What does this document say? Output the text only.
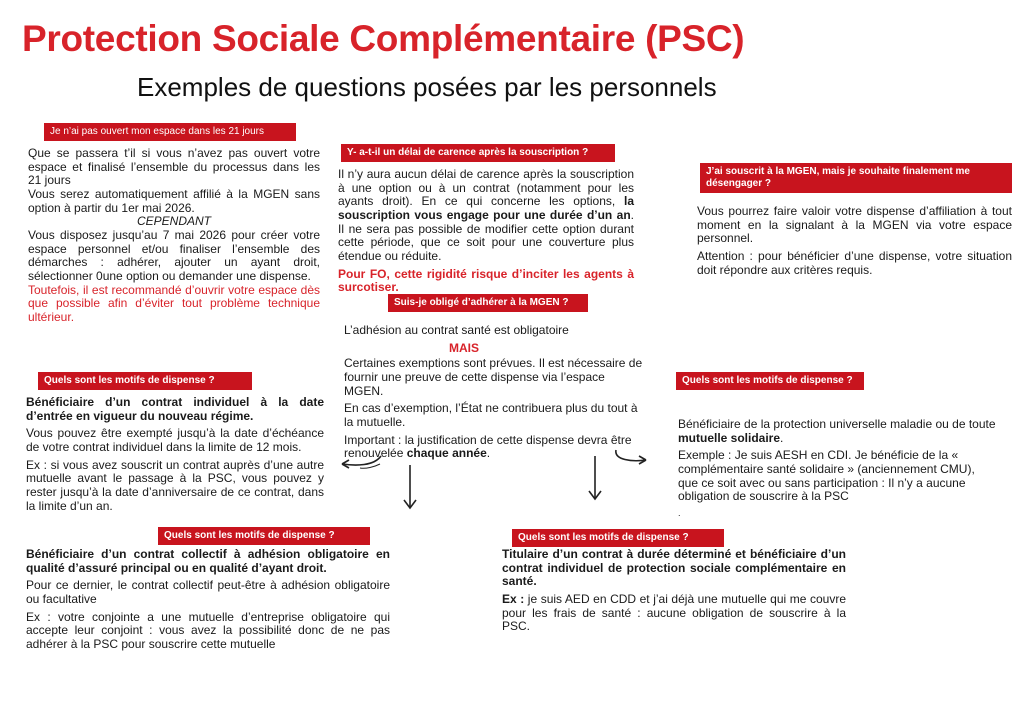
Protection Sociale Complémentaire (PSC)
Exemples de questions posées par les personnels
Je n’ai pas ouvert mon espace dans les 21 jours

Que se passera t’il si vous n’avez pas ouvert votre espace et finalisé l’ensemble du processus dans les 21 jours

Vous serez automatiquement affilié à la MGEN sans option à partir du 1er mai 2026.

CEPENDANT

Vous disposez jusqu’au 7 mai 2026 pour créer votre espace personnel et/ou finaliser l’ensemble des démarches : adhérer, ajouter un ayant droit, sélectionner 0une option ou demander une dispense.

Toutefois, il est recommandé d’ouvrir votre espace dès que possible afin d’éviter tout problème technique ultérieur.

Y- a-t-il un délai de carence après la souscription ?

Il n’y aura aucun délai de carence après la souscription à une option ou à un contrat (notamment pour les ayants droit). En ce qui concerne les options, la souscription vous engage pour une durée d’un an. Il ne sera pas possible de modifier cette option durant cette période, que ce soit pour une couverture plus étendue ou réduite.

Pour FO, cette rigidité risque d’inciter les agents à surcotiser.

J’ai souscrit à la MGEN, mais je souhaite finalement me désengager ?

Vous pourrez faire valoir votre dispense d’affiliation à tout moment en la signalant à la MGEN via votre espace personnel.

Attention : pour bénéficier d’une dispense, votre situation doit répondre aux critères requis.

Suis-je obligé d’adhérer à la MGEN ?

L’adhésion au contrat santé est obligatoire

MAIS

Certaines exemptions sont prévues. Il est nécessaire de fournir une preuve de cette dispense via l’espace MGEN.

En cas d’exemption, l’État ne contribuera plus du tout à la mutuelle.

Important : la justification de cette dispense devra être renouvelée chaque année.

Quels sont les motifs de dispense ?

Bénéficiaire d’un contrat individuel à la date d’entrée en vigueur du nouveau régime.

Vous pouvez être exempté jusqu’à la date d’échéance de votre contrat individuel dans la limite de 12 mois.

Ex : si vous avez souscrit un contrat auprès d’une autre mutuelle avant le passage à la PSC, vous pouvez y rester jusqu’à la date d’anniversaire de ce contrat, dans la limite d’un an.

Quels sont les motifs de dispense ?

Bénéficiaire de la protection universelle maladie ou de toute mutuelle solidaire.

Exemple : Je suis AESH en CDI. Je bénéficie de la « complémentaire santé solidaire » (anciennement CMU), que ce soit avec ou sans participation : Il n’y a aucune obligation de souscrire à la PSC

.

Quels sont les motifs de dispense ?

Bénéficiaire d’un contrat collectif à adhésion obligatoire en qualité d’assuré principal ou en qualité d’ayant droit.

Pour ce dernier, le contrat collectif peut-être à adhésion obligatoire ou facultative

Ex : votre conjointe a une mutuelle d’entreprise obligatoire qui accepte leur conjoint : vous avez la possibilité donc de ne pas adhérer à la PSC pour souscrire cette mutuelle

Quels sont les motifs de dispense ?

Titulaire d’un contrat à durée déterminé et bénéficiaire d’un contrat individuel de protection sociale complémentaire en santé.

Ex : je suis AED en CDD et j’ai déjà une mutuelle qui me couvre pour les frais de santé : aucune obligation de souscrire à la PSC.
